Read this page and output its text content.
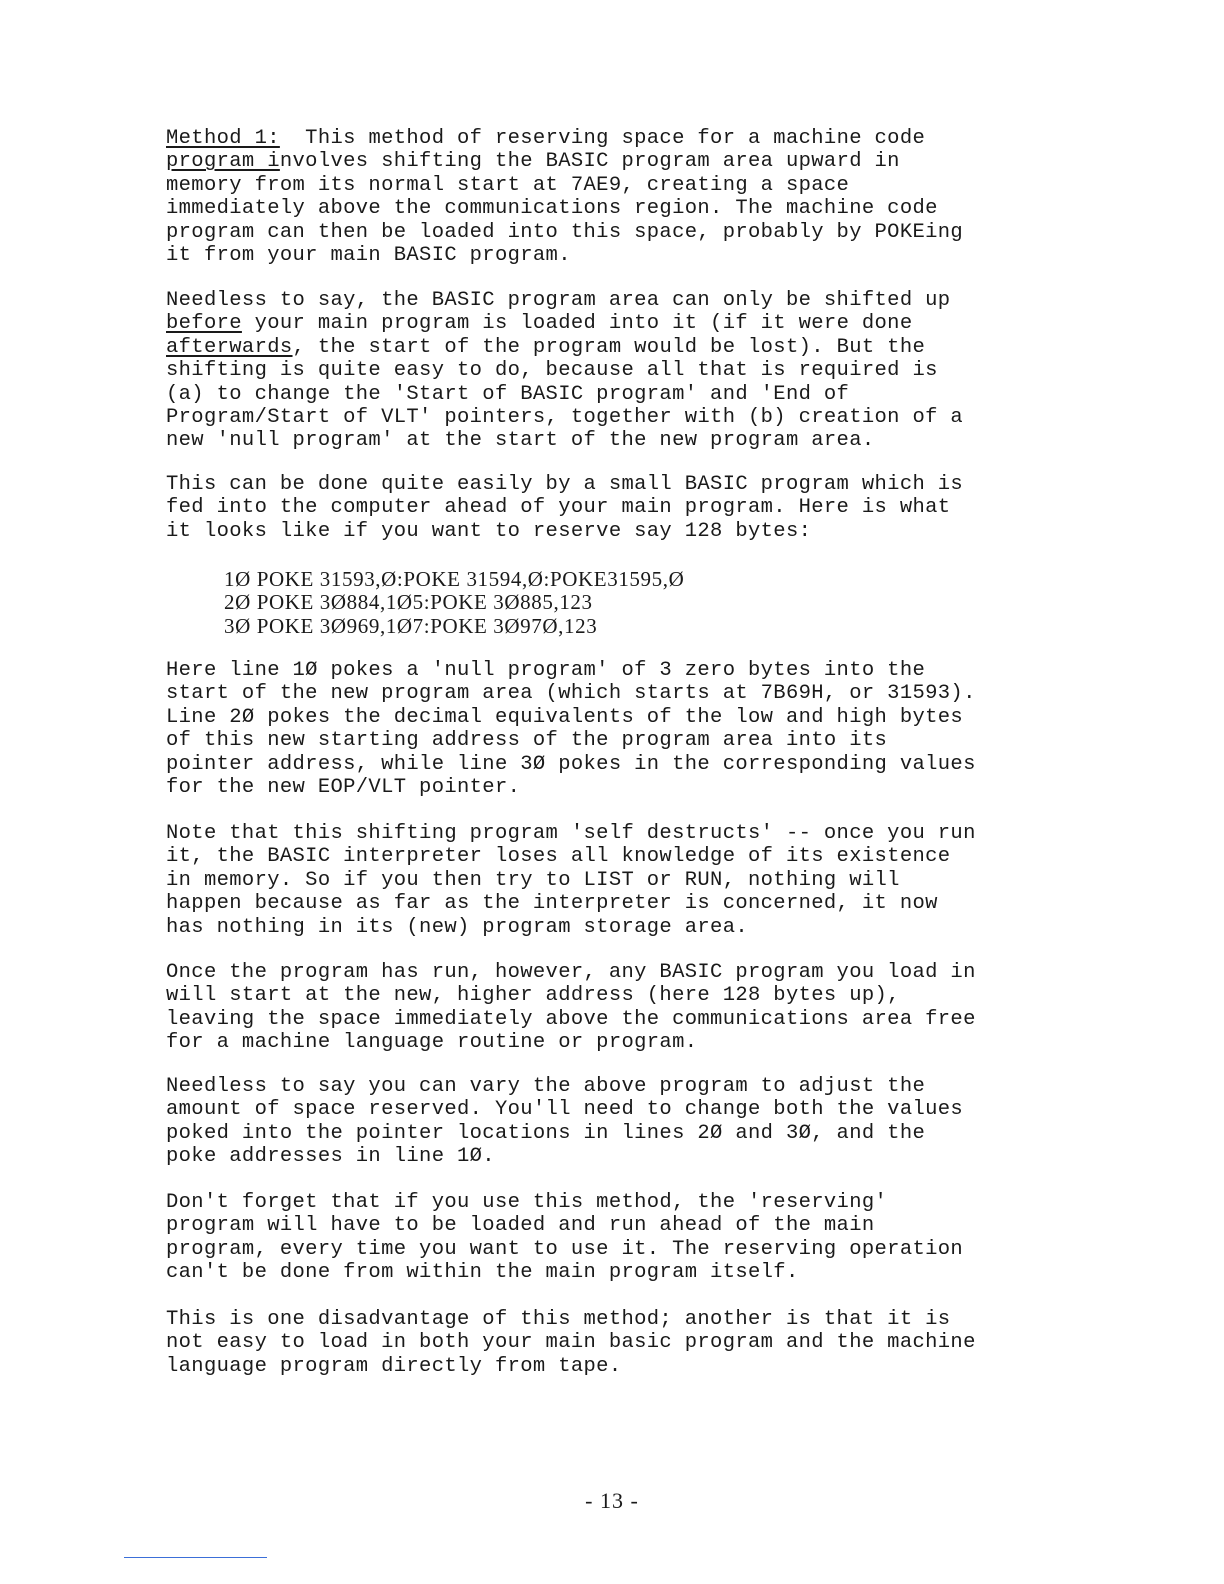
Method 1:  This method of reserving space for a machine code
program involves shifting the BASIC program area upward in
memory from its normal start at 7AE9, creating a space
immediately above the communications region. The machine code
program can then be loaded into this space, probably by POKEing
it from your main BASIC program.

Needless to say, the BASIC program area can only be shifted up
before your main program is loaded into it (if it were done
afterwards, the start of the program would be lost). But the
shifting is quite easy to do, because all that is required is
(a) to change the 'Start of BASIC program' and 'End of
Program/Start of VLT' pointers, together with (b) creation of a
new 'null program' at the start of the new program area.

This can be done quite easily by a small BASIC program which is
fed into the computer ahead of your main program. Here is what
it looks like if you want to reserve say 128 bytes:

1Ø POKE 31593,Ø:POKE 31594,Ø:POKE31595,Ø

2Ø POKE 3Ø884,1Ø5:POKE 3Ø885,123

3Ø POKE 3Ø969,1Ø7:POKE 3Ø97Ø,123

Here line 1Ø pokes a 'null program' of 3 zero bytes into the
start of the new program area (which starts at 7B69H, or 31593).
Line 2Ø pokes the decimal equivalents of the low and high bytes
of this new starting address of the program area into its
pointer address, while line 3Ø pokes in the corresponding values
for the new EOP/VLT pointer.

Note that this shifting program 'self destructs' -- once you run
it, the BASIC interpreter loses all knowledge of its existence
in memory. So if you then try to LIST or RUN, nothing will
happen because as far as the interpreter is concerned, it now
has nothing in its (new) program storage area.

Once the program has run, however, any BASIC program you load in
will start at the new, higher address (here 128 bytes up),
leaving the space immediately above the communications area free
for a machine language routine or program.

Needless to say you can vary the above program to adjust the
amount of space reserved. You'll need to change both the values
poked into the pointer locations in lines 2Ø and 3Ø, and the
poke addresses in line 1Ø.

Don't forget that if you use this method, the 'reserving'
program will have to be loaded and run ahead of the main
program, every time you want to use it. The reserving operation
can't be done from within the main program itself.

This is one disadvantage of this method; another is that it is
not easy to load in both your main basic program and the machine
language program directly from tape.

- 13 -
